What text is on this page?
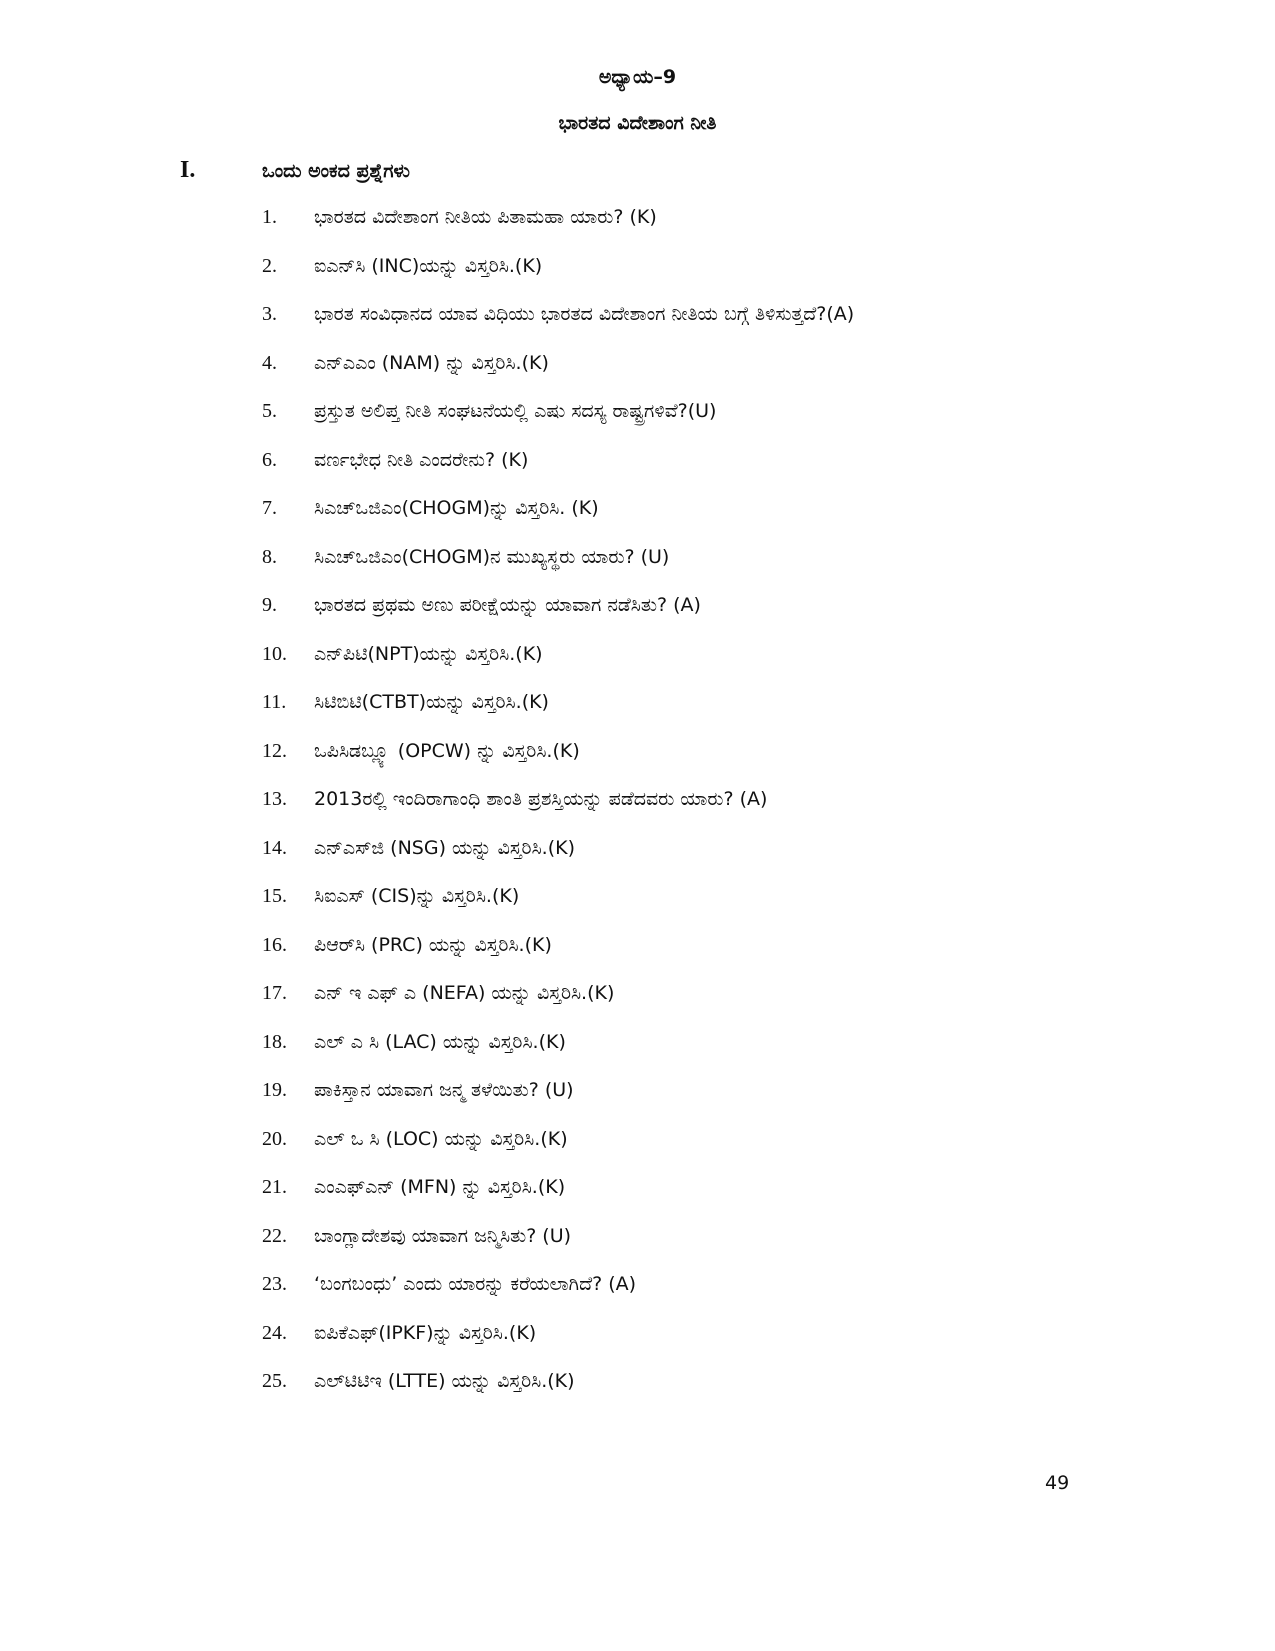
ಅಧ್ಯಾಯ–9
ಭಾರತದ ವಿದೇಶಾಂಗ ನೀತಿ
I.	ಒಂದು ಅಂಕದ ಪ್ರಶ್ನೆಗಳು
1.	ಭಾರತದ ವಿದೇಶಾಂಗ ನೀತಿಯ ಪಿತಾಮಹಾ ಯಾರು? (K)
2.	ಐಎನ್‌ಸಿ (INC)ಯನ್ನು ವಿಸ್ತರಿಸಿ.(K)
3.	ಭಾರತ ಸಂವಿಧಾನದ ಯಾವ ವಿಧಿಯು ಭಾರತದ ವಿದೇಶಾಂಗ ನೀತಿಯ ಬಗ್ಗೆ ತಿಳಿಸುತ್ತದೆ?(A)
4.	ಎನ್‌ಎಎಂ (NAM) ನ್ನು ವಿಸ್ತರಿಸಿ.(K)
5.	ಪ್ರಸ್ತುತ ಅಲಿಪ್ತ ನೀತಿ ಸಂಘಟನೆಯಲ್ಲಿ ಎಷು ಸದಸ್ಯ ರಾಷ್ಟ್ರಗಳಿವೆ?(U)
6.	ವರ್ಣಭೇಧ ನೀತಿ ಎಂದರೇನು? (K)
7.	ಸಿಎಚ್‌ಒಜಿಎಂ(CHOGM)ನ್ನು ವಿಸ್ತರಿಸಿ. (K)
8.	ಸಿಎಚ್‌ಒಜಿಎಂ(CHOGM)ನ ಮುಖ್ಯಸ್ಥರು ಯಾರು? (U)
9.	ಭಾರತದ ಪ್ರಥಮ ಅಣು ಪರೀಕ್ಷೆಯನ್ನು ಯಾವಾಗ ನಡೆಸಿತು? (A)
10.	ಎನ್‌ಪಿಟಿ(NPT)ಯನ್ನು ವಿಸ್ತರಿಸಿ.(K)
11.	ಸಿಟಿಬಿಟಿ(CTBT)ಯನ್ನು ವಿಸ್ತರಿಸಿ.(K)
12.	ಒಪಿಸಿಡಬ್ಲ್ಯೂ (OPCW) ನ್ನು ವಿಸ್ತರಿಸಿ.(K)
13.	2013ರಲ್ಲಿ ಇಂದಿರಾಗಾಂಧಿ ಶಾಂತಿ ಪ್ರಶಸ್ತಿಯನ್ನು ಪಡೆದವರು ಯಾರು? (A)
14.	ಎನ್‌ಎಸ್‌ಜಿ (NSG) ಯನ್ನು ವಿಸ್ತರಿಸಿ.(K)
15.	ಸಿಐಎಸ್ (CIS)ನ್ನು ವಿಸ್ತರಿಸಿ.(K)
16.	ಪಿಆರ್‌ಸಿ (PRC) ಯನ್ನು ವಿಸ್ತರಿಸಿ.(K)
17.	ಎನ್ ಇ ಎಫ್ ಎ (NEFA) ಯನ್ನು ವಿಸ್ತರಿಸಿ.(K)
18.	ಎಲ್ ಎ ಸಿ (LAC) ಯನ್ನು ವಿಸ್ತರಿಸಿ.(K)
19.	ಪಾಕಿಸ್ತಾನ ಯಾವಾಗ ಜನ್ಮ ತಳೆಯಿತು? (U)
20.	ಎಲ್ ಒ ಸಿ (LOC) ಯನ್ನು ವಿಸ್ತರಿಸಿ.(K)
21.	ಎಂಎಫ್‌ಎನ್ (MFN) ನ್ನು ವಿಸ್ತರಿಸಿ.(K)
22.	ಬಾಂಗ್ಲಾದೇಶವು ಯಾವಾಗ ಜನ್ಮಿಸಿತು? (U)
23.	‘ಬಂಗಬಂಧು’ ಎಂದು ಯಾರನ್ನು ಕರೆಯಲಾಗಿದೆ? (A)
24.	ಐಪಿಕೆಎಫ್(IPKF)ನ್ನು ವಿಸ್ತರಿಸಿ.(K)
25.	ಎಲ್‌ಟಿಟಿಇ (LTTE) ಯನ್ನು ವಿಸ್ತರಿಸಿ.(K)
49
